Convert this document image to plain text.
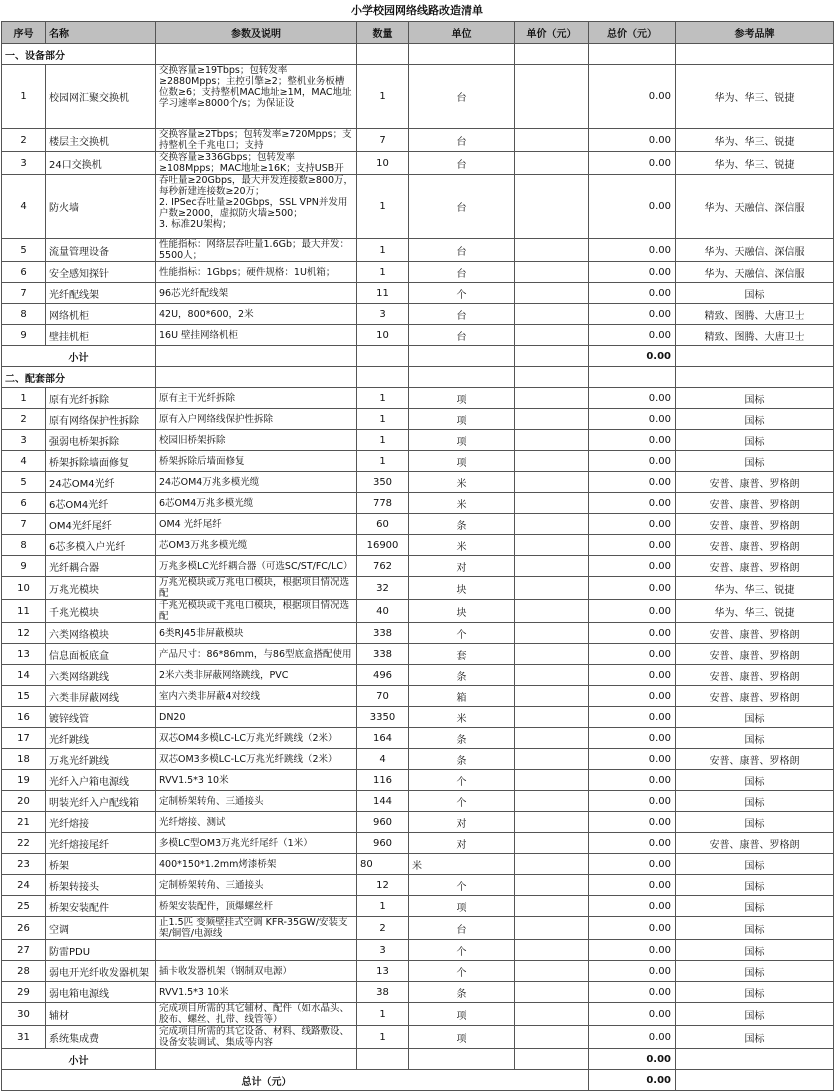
小学校园网络线路改造清单
序号	名称	参数及说明	数量	单位	单价（元）	总价（元）	参考品牌
一、设备部分							
1	校园网汇聚交换机	交换容量≥19Tbps；包转发率≥2880Mpps；主控引擎≥2；整机业务板槽位数≥6；支持整机MAC地址≥1M，MAC地址学习速率≥8000个/s；为保证设	1	台		0.00	华为、华三、锐捷
2	楼层主交换机	交换容量≥2Tbps；包转发率≥720Mpps；支持整机全千兆电口；支持	7	台		0.00	华为、华三、锐捷
3	24口交换机	交换容量≥336Gbps；包转发率≥108Mpps；MAC地址≥16K；支持USB开	10	台		0.00	华为、华三、锐捷
4	防火墙	吞吐量≥20Gbps，最大并发连接数≥800万，每秒新建连接数≥20万；
2. IPSec吞吐量≥20Gbps，SSL VPN并发用户数≥2000，虚拟防火墙≥500；
3. 标准2U架构；	1	台		0.00	华为、天融信、深信服
5	流量管理设备	性能指标：网络层吞吐量1.6Gb；最大并发：5500人；	1	台		0.00	华为、天融信、深信服
6	安全感知探针	性能指标：1Gbps；硬件规格：1U机箱；	1	台		0.00	华为、天融信、深信服
7	光纤配线架	96芯光纤配线架	11	个		0.00	国标
8	网络机柜	42U，800*600，2米	3	台		0.00	精致、图腾、大唐卫士
9	壁挂机柜	16U 壁挂网络机柜	10	台		0.00	精致、图腾、大唐卫士
小计						0.00	
二、配套部分							
1	原有光纤拆除	原有主干光纤拆除	1	项		0.00	国标
2	原有网络保护性拆除	原有入户网络线保护性拆除	1	项		0.00	国标
3	强弱电桥架拆除	校园旧桥架拆除	1	项		0.00	国标
4	桥架拆除墙面修复	桥架拆除后墙面修复	1	项		0.00	国标
5	24芯OM4光纤	24芯OM4万兆多模光缆	350	米		0.00	安普、康普、罗格朗
6	6芯OM4光纤	6芯OM4万兆多模光缆	778	米		0.00	安普、康普、罗格朗
7	OM4光纤尾纤	OM4 光纤尾纤	60	条		0.00	安普、康普、罗格朗
8	6芯多模入户光纤	芯OM3万兆多模光缆	16900	米		0.00	安普、康普、罗格朗
9	光纤耦合器	万兆多模LC光纤耦合器（可选SC/ST/FC/LC）	762	对		0.00	安普、康普、罗格朗
10	万兆光模块	万兆光模块或万兆电口模块，根据项目情况选配	32	块		0.00	华为、华三、锐捷
11	千兆光模块	千兆光模块或千兆电口模块，根据项目情况选配	40	块		0.00	华为、华三、锐捷
12	六类网络模块	6类RJ45非屏蔽模块	338	个		0.00	安普、康普、罗格朗
13	信息面板底盒	产品尺寸：86*86mm，与86型底盒搭配使用	338	套		0.00	安普、康普、罗格朗
14	六类网络跳线	2米六类非屏蔽网络跳线，PVC	496	条		0.00	安普、康普、罗格朗
15	六类非屏蔽网线	室内六类非屏蔽4对绞线	70	箱		0.00	安普、康普、罗格朗
16	镀锌线管	DN20	3350	米		0.00	国标
17	光纤跳线	双芯OM4多模LC-LC万兆光纤跳线（2米）	164	条		0.00	国标
18	万兆光纤跳线	双芯OM3多模LC-LC万兆光纤跳线（2米）	4	条		0.00	安普、康普、罗格朗
19	光纤入户箱电源线	RVV1.5*3 10米	116	个		0.00	国标
20	明装光纤入户配线箱	定制桥架转角、三通接头	144	个		0.00	国标
21	光纤熔接	光纤熔接、测试	960	对		0.00	国标
22	光纤熔接尾纤	多模LC型OM3万兆光纤尾纤（1米）	960	对		0.00	安普、康普、罗格朗
23	桥架	400*150*1.2mm烤漆桥架	80	米		0.00	国标
24	桥架转接头	定制桥架转角、三通接头	12	个		0.00	国标
25	桥架安装配件	桥架安装配件，顶爆螺丝杆	1	项		0.00	国标
26	空调	止1.5匹 变频壁挂式空调 KFR-35GW/安装支架/铜管/电源线	2	台		0.00	国标
27	防雷PDU		3	个		0.00	国标
28	弱电开光纤收发器机架	插卡收发器机架（钢制双电源）	13	个		0.00	国标
29	弱电箱电源线	RVV1.5*3 10米	38	条		0.00	国标
30	辅材	完成项目所需的其它辅材、配件（如水晶头、胶布、螺丝、扎带、线管等）	1	项		0.00	国标
31	系统集成费	完成项目所需的其它设备、材料、线路敷设、设备安装调试、集成等内容	1	项		0.00	国标
小计						0.00	
总计（元）						0.00	
